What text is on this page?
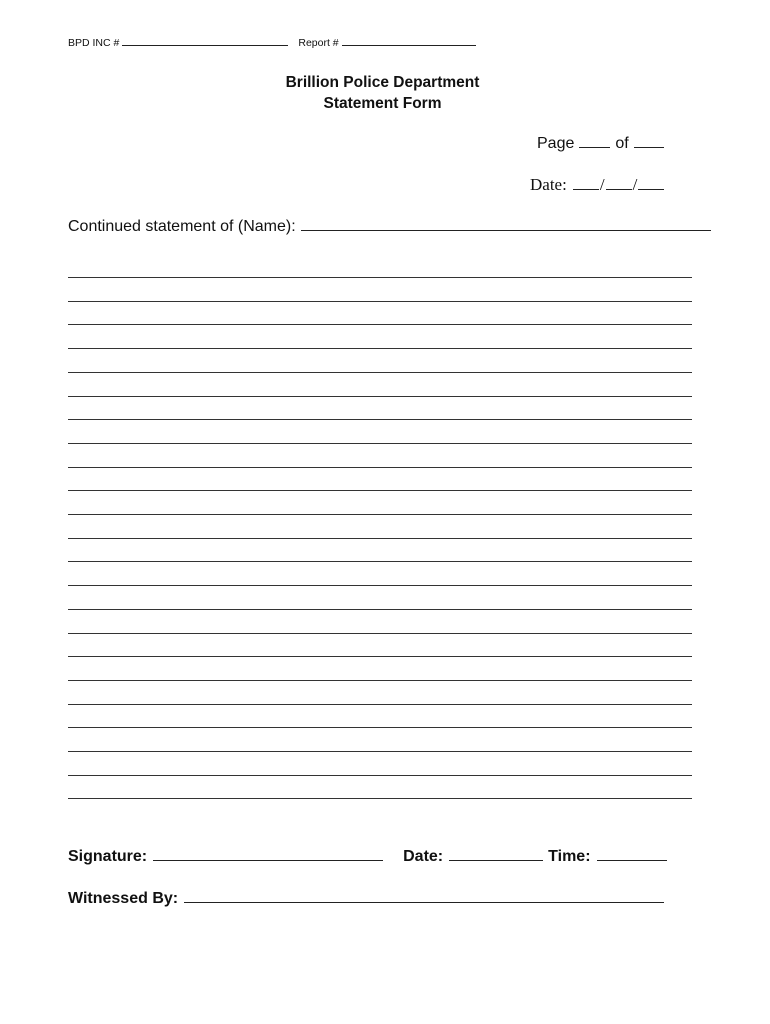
BPD INC #	Report #
Brillion Police Department
Statement Form
Page	of
Date: / /
Continued statement of (Name):
Signature:	Date:	Time:
Witnessed By:
